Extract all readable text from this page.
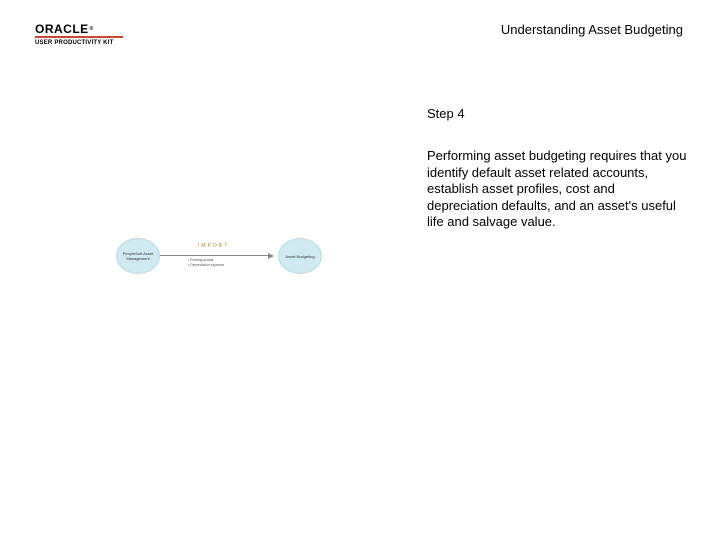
ORACLE®
USER PRODUCTIVITY KIT
Understanding Asset Budgeting
Step 4
Performing asset budgeting requires that you identify default asset related accounts, establish asset profiles, cost and depreciation defaults, and an asset's useful life and salvage value.
PeopleSoft Asset Management
IMPORT
• Existing assets
• Depreciation expense
Asset Budgeting
